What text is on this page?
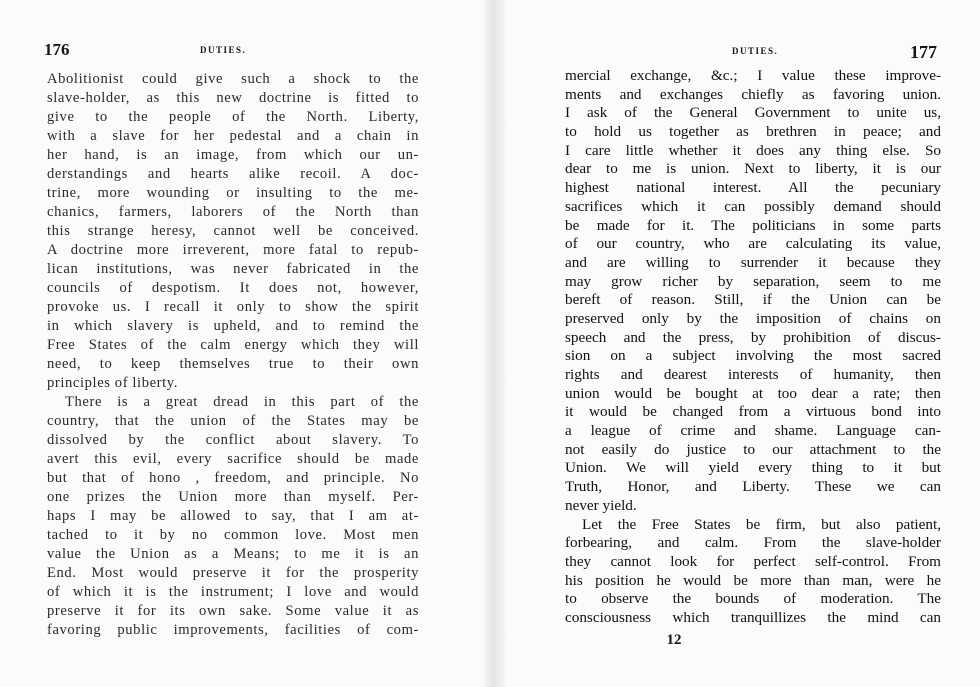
176	DUTIES.
Abolitionist could give such a shock to the
slave-holder, as this new doctrine is fitted to
give to the people of the North. Liberty,
with a slave for her pedestal and a chain in
her hand, is an image, from which our un-
derstandings and hearts alike recoil. A doc-
trine, more wounding or insulting to the me-
chanics, farmers, laborers of the North than
this strange heresy, cannot well be conceived.
A doctrine more irreverent, more fatal to repub-
lican institutions, was never fabricated in the
councils of despotism. It does not, however,
provoke us. I recall it only to show the spirit
in which slavery is upheld, and to remind the
Free States of the calm energy which they will
need, to keep themselves true to their own
principles of liberty.
There is a great dread in this part of the
country, that the union of the States may be
dissolved by the conflict about slavery. To
avert this evil, every sacrifice should be made
but that of hono , freedom, and principle. No
one prizes the Union more than myself. Per-
haps I may be allowed to say, that I am at-
tached to it by no common love. Most men
value the Union as a Means; to me it is an
End. Most would preserve it for the prosperity
of which it is the instrument; I love and would
preserve it for its own sake. Some value it as
favoring public improvements, facilities of com-
DUTIES.	177
mercial exchange, &c.; I value these improve-
ments and exchanges chiefly as favoring union.
I ask of the General Government to unite us,
to hold us together as brethren in peace; and
I care little whether it does any thing else. So
dear to me is union. Next to liberty, it is our
highest national interest. All the pecuniary
sacrifices which it can possibly demand should
be made for it. The politicians in some parts
of our country, who are calculating its value,
and are willing to surrender it because they
may grow richer by separation, seem to me
bereft of reason. Still, if the Union can be
preserved only by the imposition of chains on
speech and the press, by prohibition of discus-
sion on a subject involving the most sacred
rights and dearest interests of humanity, then
union would be bought at too dear a rate; then
it would be changed from a virtuous bond into
a league of crime and shame. Language can-
not easily do justice to our attachment to the
Union. We will yield every thing to it but
Truth, Honor, and Liberty. These we can
never yield.
Let the Free States be firm, but also patient,
forbearing, and calm. From the slave-holder
they cannot look for perfect self-control. From
his position he would be more than man, were he
to observe the bounds of moderation. The
consciousness which tranquillizes the mind can
12
